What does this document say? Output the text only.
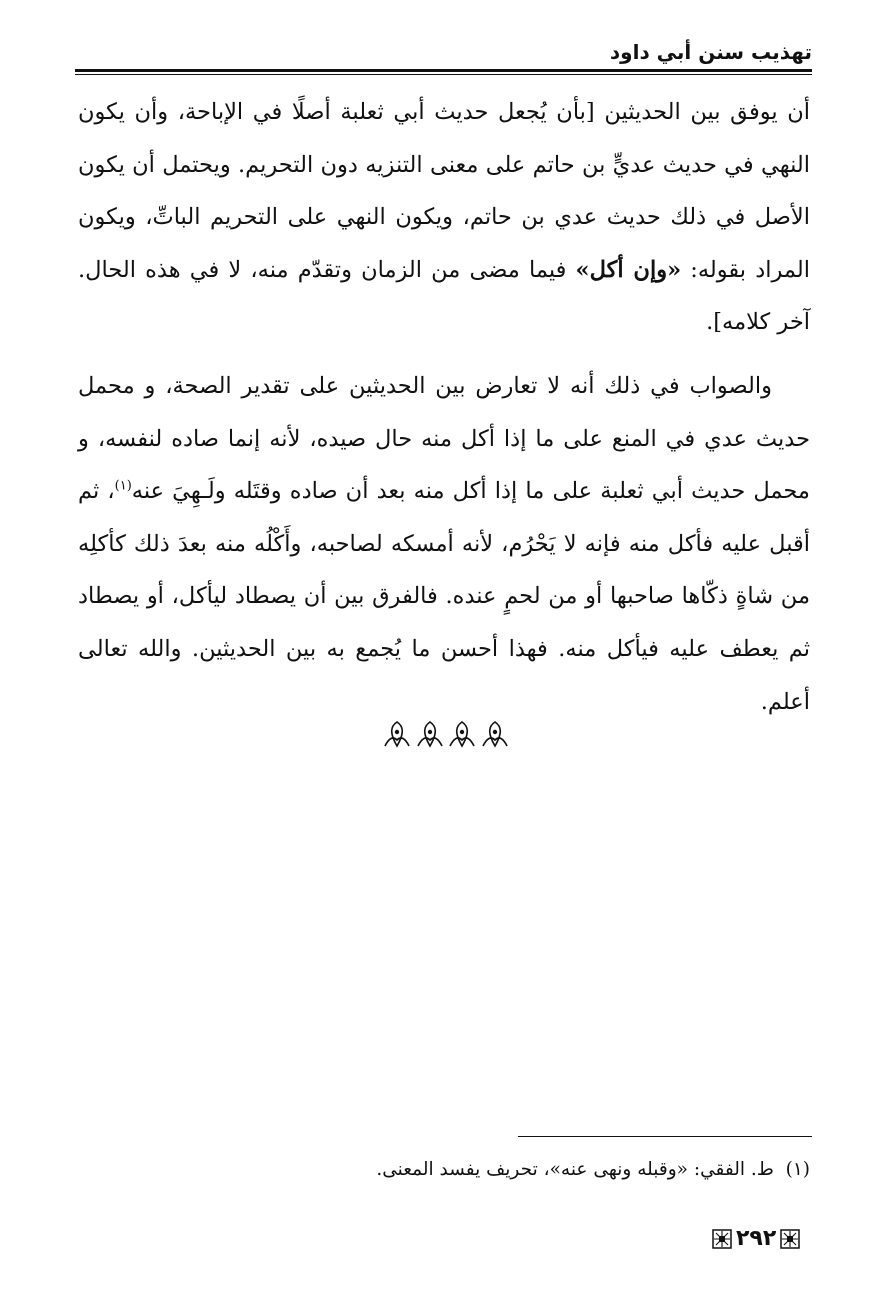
تهذيب سنن أبي داود

أن يوفق بين الحديثين [بأن يُجعل حديث أبي ثعلبة أصلًا في الإباحة، وأن يكون النهي في حديث عديٍّ بن حاتم على معنى التنزيه دون التحريم. ويحتمل أن يكون الأصل في ذلك حديث عدي بن حاتم، ويكون النهي على التحريم الباتِّ، ويكون المراد بقوله: «وإن أكل» فيما مضى من الزمان وتقدّم منه، لا في هذه الحال. آخر كلامه].

والصواب في ذلك أنه لا تعارض بين الحديثين على تقدير الصحة، و محمل حديث عدي في المنع على ما إذا أكل منه حال صيده، لأنه إنما صاده لنفسه، و محمل حديث أبي ثعلبة على ما إذا أكل منه بعد أن صاده وقتَله ولَـهِيَ عنه$^{(١)}$، ثم أقبل عليه فأكل منه فإنه لا يَحْرُم، لأنه أمسكه لصاحبه، وأَكْلُه منه بعدَ ذلك كأكلِه من شاةٍ ذكّاها صاحبها أو من لحمٍ عنده. فالفرق بين أن يصطاد ليأكل، أو يصطاد ثم يعطف عليه فيأكل منه. فهذا أحسن ما يُجمع به بين الحديثين. والله تعالى أعلم.

(١)  ط. الفقي: «وقبله ونهى عنه»، تحريف يفسد المعنى.
٢٩٢
